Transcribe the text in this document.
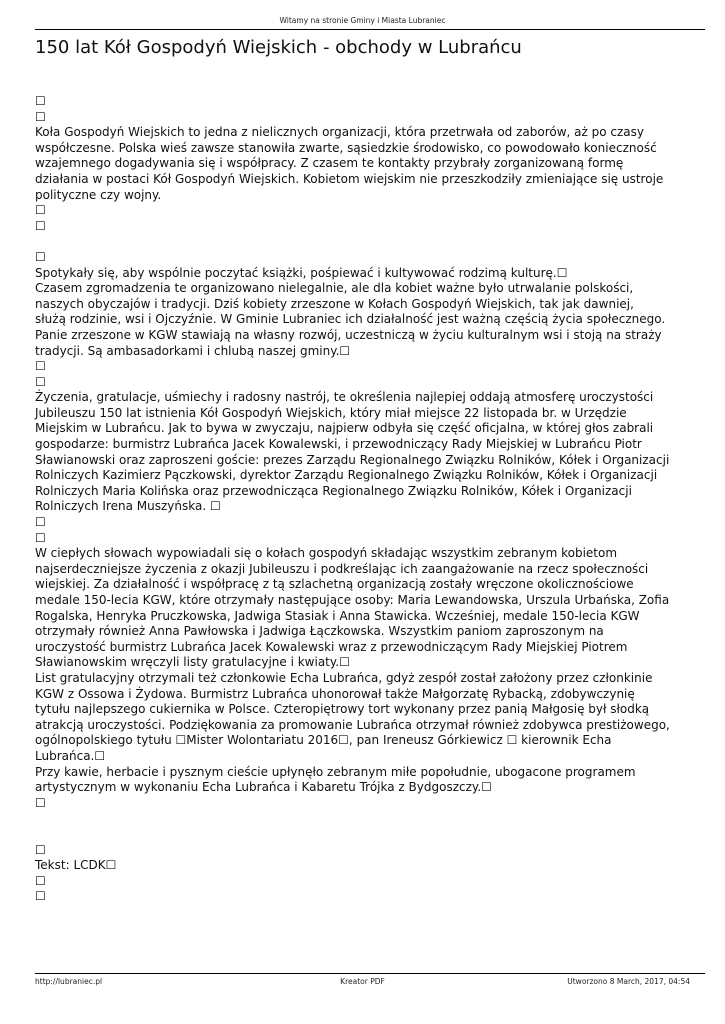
Witamy na stronie Gminy i Miasta Lubraniec
150 lat Kół Gospodyń Wiejskich - obchody w Lubrańcu
☐
☐
Koła Gospodyń Wiejskich to jedna z nielicznych organizacji, która przetrwała od zaborów, aż po czasy
współczesne. Polska wieś zawsze stanowiła zwarte, sąsiedzkie środowisko, co powodowało konieczność
wzajemnego dogadywania się i współpracy. Z czasem te kontakty przybrały zorganizowaną formę
działania w postaci Kół Gospodyń Wiejskich. Kobietom wiejskim nie przeszkodziły zmieniające się ustroje
polityczne czy wojny.
☐
☐
☐
Spotykały się, aby wspólnie poczytać książki, pośpiewać i kultywować rodzimą kulturę.☐
Czasem zgromadzenia te organizowano nielegalnie, ale dla kobiet ważne było utrwalanie polskości,
naszych obyczajów i tradycji. Dziś kobiety zrzeszone w Kołach Gospodyń Wiejskich, tak jak dawniej,
służą rodzinie, wsi i Ojczyźnie. W Gminie Lubraniec ich działalność jest ważną częścią życia społecznego.
Panie zrzeszone w KGW stawiają na własny rozwój, uczestniczą w życiu kulturalnym wsi i stoją na straży
tradycji. Są ambasadorkami i chlubą naszej gminy.☐
☐
☐
Życzenia, gratulacje, uśmiechy i radosny nastrój, te określenia najlepiej oddają atmosferę uroczystości
Jubileuszu 150 lat istnienia Kół Gospodyń Wiejskich, który miał miejsce 22 listopada br. w Urzędzie
Miejskim w Lubrańcu. Jak to bywa w zwyczaju, najpierw odbyła się część oficjalna, w której głos zabrali
gospodarze: burmistrz Lubrańca Jacek Kowalewski, i przewodniczący Rady Miejskiej w Lubrańcu Piotr
Sławianowski oraz zaproszeni goście: prezes Zarządu Regionalnego Związku Rolników, Kółek i Organizacji
Rolniczych Kazimierz Pączkowski, dyrektor Zarządu Regionalnego Związku Rolników, Kółek i Organizacji
Rolniczych Maria Kolińska oraz przewodnicząca Regionalnego Związku Rolników, Kółek i Organizacji
Rolniczych Irena Muszyńska. ☐
☐
☐
W ciepłych słowach wypowiadali się o kołach gospodyń składając wszystkim zebranym kobietom
najserdeczniejsze życzenia z okazji Jubileuszu i podkreślając ich zaangażowanie na rzecz społeczności
wiejskiej. Za działalność i współpracę z tą szlachetną organizacją zostały wręczone okolicznościowe
medale 150-lecia KGW, które otrzymały następujące osoby: Maria Lewandowska, Urszula Urbańska, Zofia
Rogalska, Henryka Pruczkowska, Jadwiga Stasiak i Anna Stawicka. Wcześniej, medale 150-lecia KGW
otrzymały również Anna Pawłowska i Jadwiga Łączkowska. Wszystkim paniom zaproszonym na
uroczystość burmistrz Lubrańca Jacek Kowalewski wraz z przewodniczącym Rady Miejskiej Piotrem
Sławianowskim wręczyli listy gratulacyjne i kwiaty.☐
List gratulacyjny otrzymali też członkowie Echa Lubrańca, gdyż zespół został założony przez członkinie
KGW z Ossowa i Żydowa. Burmistrz Lubrańca uhonorował także Małgorzatę Rybacką, zdobywczynię
tytułu najlepszego cukiernika w Polsce. Czteropiętrowy tort wykonany przez panią Małgosię był słodką
atrakcją uroczystości. Podziękowania za promowanie Lubrańca otrzymał również zdobywca prestiżowego,
ogólnopolskiego tytułu ☐Mister Wolontariatu 2016☐, pan Ireneusz Górkiewicz ☐ kierownik Echa
Lubrańca.☐
Przy kawie, herbacie i pysznym cieście upłynęło zebranym miłe popołudnie, ubogacone programem
artystycznym w wykonaniu Echa Lubrańca i Kabaretu Trójka z Bydgoszczy.☐
☐
☐
Tekst: LCDK☐
☐
☐
http://lubraniec.pl	Kreator PDF	Utworzono 8 March, 2017, 04:54
